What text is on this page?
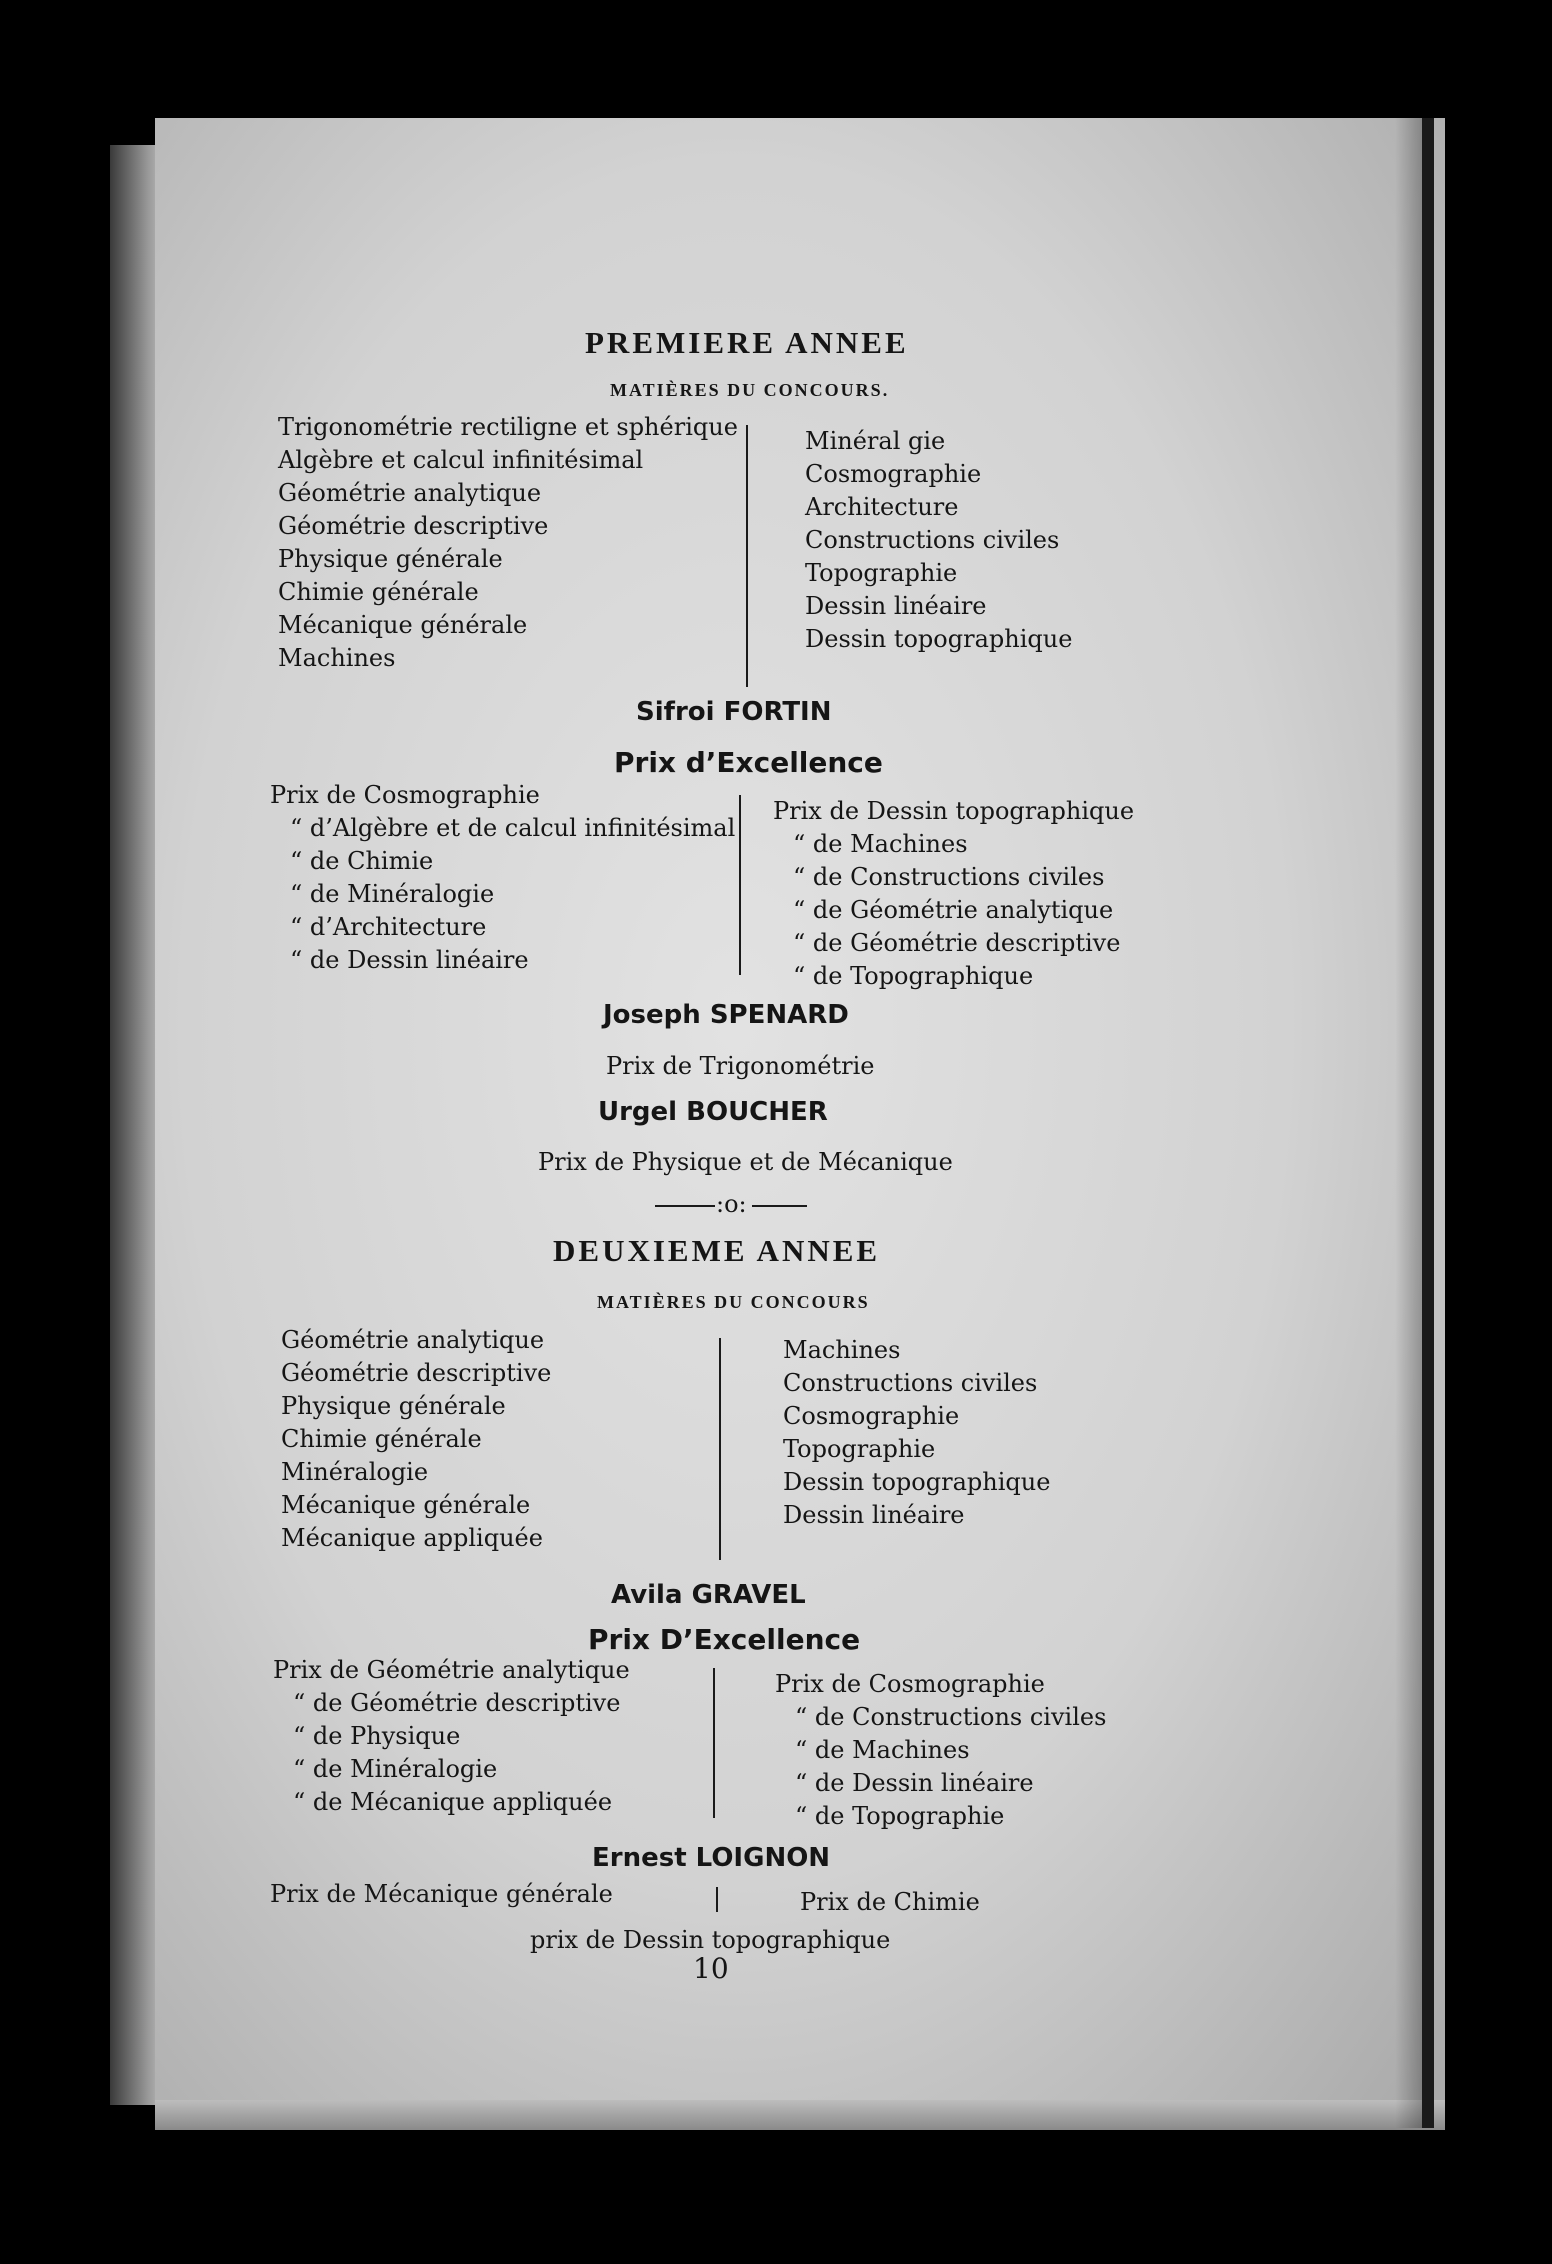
PREMIERE ANNEE
MATIÈRES DU CONCOURS.
Trigonométrie rectiligne et sphérique
Algèbre et calcul infinitésimal
Géométrie analytique
Géométrie descriptive
Physique générale
Chimie générale
Mécanique générale
Machines
Minéral gie
Cosmographie
Architecture
Constructions civiles
Topographie
Dessin linéaire
Dessin topographique
Sifroi FORTIN
Prix d’Excellence
Prix de Cosmographie
“ d’Algèbre et de calcul infinitésimal
“ de Chimie
“ de Minéralogie
“ d’Architecture
“ de Dessin linéaire
Prix de Dessin topographique
“ de Machines
“ de Constructions civiles
“ de Géométrie analytique
“ de Géométrie descriptive
“ de Topographique
Joseph SPENARD
Prix de Trigonométrie
Urgel BOUCHER
Prix de Physique et de Mécanique
:o:
DEUXIEME ANNEE
MATIÈRES DU CONCOURS
Géométrie analytique
Géométrie descriptive
Physique générale
Chimie générale
Minéralogie
Mécanique générale
Mécanique appliquée
Machines
Constructions civiles
Cosmographie
Topographie
Dessin topographique
Dessin linéaire
Avila GRAVEL
Prix D’Excellence
Prix de Géométrie analytique
“ de Géométrie descriptive
“ de Physique
“ de Minéralogie
“ de Mécanique appliquée
Prix de Cosmographie
“ de Constructions civiles
“ de Machines
“ de Dessin linéaire
“ de Topographie
Ernest LOIGNON
Prix de Mécanique générale	Prix de Chimie
prix de Dessin topographique
10
